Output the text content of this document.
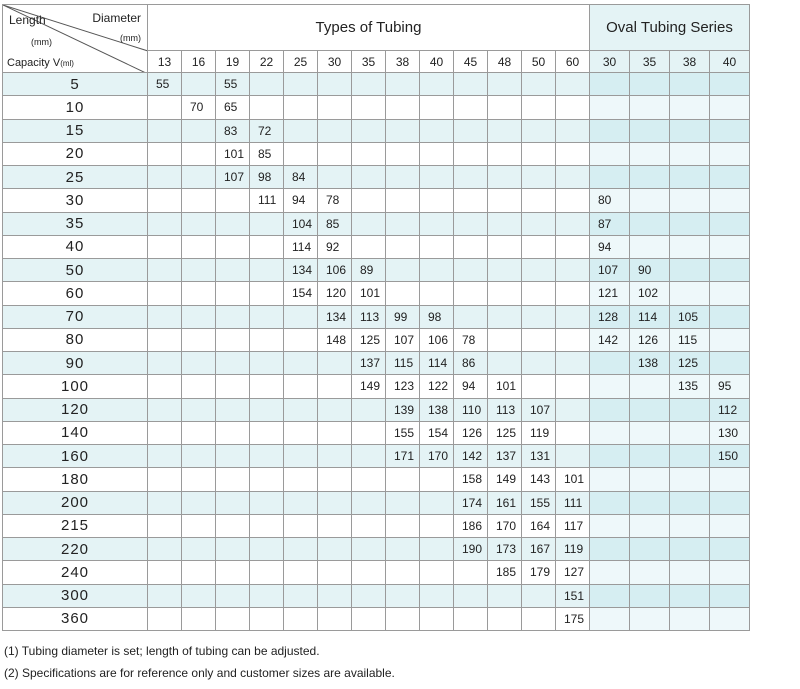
Length
(mm)
Diameter
(mm)
Capacity V(ml)	Types of Tubing													Oval Tubing Series			
	13	16	19	22	25	30	35	38	40	45	48	50	60	30	35	38	40
5	55		55														
10		70	65														
15			83	72													
20			101	85													
25			107	98	84												
30				111	94	78								80			
35					104	85								87			
40					114	92								94			
50					134	106	89							107	90		
60					154	120	101							121	102		
70						134	113	99	98					128	114	105	
80						148	125	107	106	78				142	126	115	
90							137	115	114	86					138	125	
100							149	123	122	94	101					135	95
120								139	138	110	113	107					112
140								155	154	126	125	119					130
160								171	170	142	137	131					150
180										158	149	143	101				
200										174	161	155	111				
215										186	170	164	117				
220										190	173	167	119				
240											185	179	127				
300													151				
360													175				
(1) Tubing diameter is set; length of tubing can be adjusted.
(2) Specifications are for reference only and customer sizes are available.
